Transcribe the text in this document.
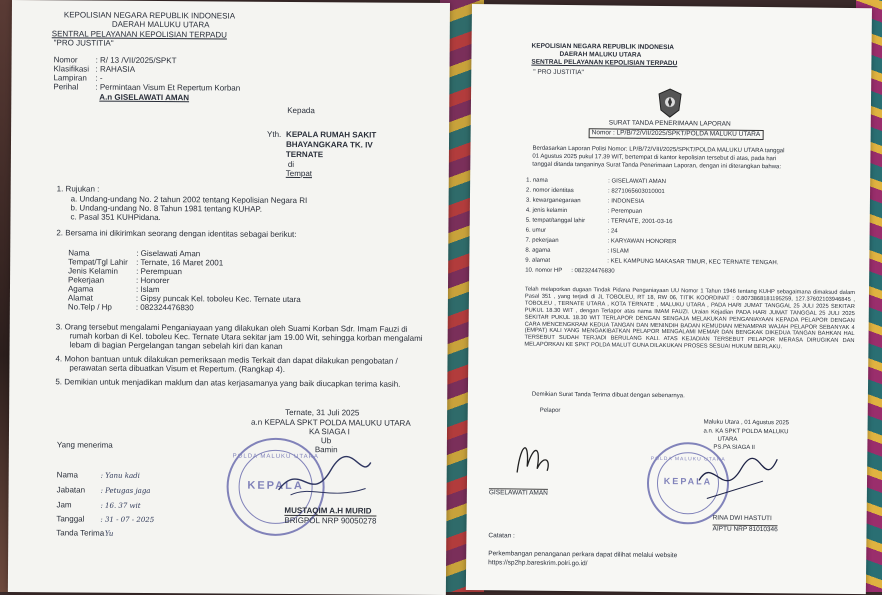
KEPOLISIAN NEGARA REPUBLIK INDONESIA
DAERAH MALUKU UTARA
SENTRAL PELAYANAN KEPOLISIAN TERPADU
"PRO JUSTITIA"
Nomor : R/ 13 /VII/2025/SPKT
Klasifikasi : RAHASIA
Lampiran : -
Perihal : Permintaan Visum Et Repertum Korban
A.n GISELAWATI AMAN
Kepada
Yth. KEPALA RUMAH SAKIT
BHAYANGKARA TK. IV
TERNATE
di
Tempat
1. Rujukan :
a. Undang-undang No. 2 tahun 2002 tentang Kepolisian Negara RI
b. Undang-undang No. 8 Tahun 1981 tentang KUHAP.
c. Pasal 351 KUHPidana.
2. Bersama ini dikirimkan seorang dengan identitas sebagai berikut:
Nama	: Giselawati Aman
Tempat/Tgl Lahir : Ternate, 16 Maret 2001
Jenis Kelamin : Perempuan
Pekerjaan	: Honorer
Agama	: Islam
Alamat	: Gipsy puncak Kel. toboleu Kec. Ternate utara
No.Telp / Hp	: 082324476830
3. Orang tersebut mengalami Penganiayaan yang dilakukan oleh Suami Korban Sdr. Imam Fauzi di
rumah korban di Kel. toboleu Kec. Ternate Utara sekitar jam 19.00 Wit, sehingga korban mengalami
lebam di bagian Pergelangan tangan sebelah kiri dan kanan
4. Mohon bantuan untuk dilakukan pemeriksaan medis Terkait dan dapat dilakukan pengobatan /
perawatan serta dibuatkan Visum et Repertum. (Rangkap 4).
5. Demikian untuk menjadikan maklum dan atas kerjasamanya yang baik diucapkan terima kasih.
Ternate, 31 Juli 2025
a.n KEPALA SPKT POLDA MALUKU UTARA
KA SIAGA I
Ub
Bamin
Yang menerima
Nama	: Yanu kadi
Jabatan : Petugas jaga
Jam	: 16. 37 wit
Tanggal : 31 - 07 - 2025
Tanda Terima
: Yu
POLDA MALUKU UTARA
KEPALA
MUSTAQIM A.H MURID
BRIGPOL NRP 90050278
KEPOLISIAN NEGARA REPUBLIK INDONESIA
DAERAH MALUKU UTARA
SENTRAL PELAYANAN KEPOLISIAN TERPADU
" PRO JUSTITIA"
SURAT TANDA PENERIMAAN LAPORAN
Nomor : LP/B/72/VII/2025/SPKT/POLDA MALUKU UTARA
Berdasarkan Laporan Polisi Nomor: LP/B/72/VIII/2025/SPKT/POLDA MALUKU UTARA tanggal
01 Agustus 2025 pukul 17.39 WIT, bertempat di kantor kepolisian tersebut di atas, pada hari
tanggal ditanda tanganinya Surat Tanda Penerimaan Laporan, dengan ini diterangkan bahwa:
1. nama	: GISELAWATI AMAN
2. nomor identitas	: 8271065603010001
3. kewarganegaraan	: INDONESIA
4. jenis kelamin	: Perempuan
5. tempat/tanggal lahir	: TERNATE, 2001-03-16
6. umur	: 24
7. pekerjaan	: KARYAWAN HONORER
8. agama	: ISLAM
9. alamat	: KEL KAMPUNG MAKASAR TIMUR, KEC TERNATE TENGAH.
10. nomor HP : 082324476830
Telah melaporkan dugaan Tindak Pidana Penganiayaan UU Nomor 1 Tahun 1946 tentang KUHP sebagaimana dimaksud dalam Pasal 351 , yang terjadi di JL TOBOLEU, RT 18, RW 06, TITIK KOORDINAT : 0.8073868181195259, 127.37602103946845 , TOBOLEU , TERNATE UTARA , KOTA TERNATE , MALUKU UTARA , PADA HARI JUMAT TANGGAL 25 JULI 2025 SEKITAR PUKUL 18.30 WIT , dengan Terlapor atas nama IMAM FAUZI. Uraian Kejadian PADA HARI JUMAT TANGGAL 25 JULI 2025 SEKITAR PUKUL 18.30 WIT TERLAPOR DENGAN SENGAJA MELAKUKAN PENGANIAYAAN KEPADA PELAPOR DENGAN CARA MENCENGKRAM KEDUA TANGAN DAN MENINDIH BADAN KEMUDIAN MENAMPAR WAJAH PELAPOR SEBANYAK 4 (EMPAT) KALI YANG MENGAKIBATKAN PELAPOR MENGALAMI MEMAR DAN BENGKAK DIKEDUA TANGAN BAHKAN HAL TERSEBUT SUDAH TERJADI BERULANG KALI. ATAS KEJADIAN TERSEBUT PELAPOR MERASA DIRUGIKAN DAN MELAPORKAN KE SPKT POLDA MALUT GUNA DILAKUKAN PROSES SESUAI HUKUM BERLAKU.
Demikian Surat Tanda Terima dibuat dengan sebenarnya.
Pelapor
Maluku Utara , 01 Agustus 2025
a.n. KA SPKT POLDA MALUKU
UTARA
PS.PA SIAGA II
GISELAWATI AMAN
POLDA MALUKU UTARA
KEPALA
RINA DWI HASTUTI
AIPTU NRP 81010346
Catatan :
Perkembangan penanganan perkara dapat dilihat melalui website
https://sp2hp.bareskrim.polri.go.id/
